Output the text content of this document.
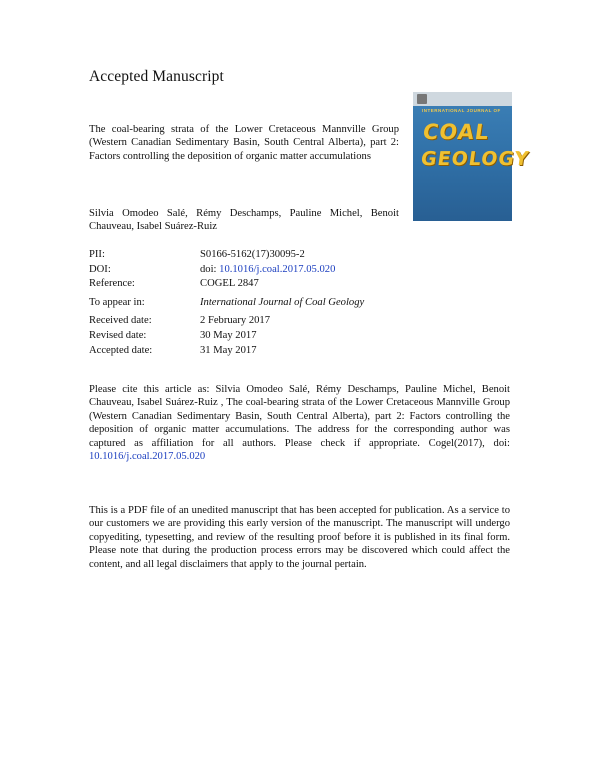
Accepted Manuscript
The coal-bearing strata of the Lower Cretaceous Mannville Group (Western Canadian Sedimentary Basin, South Central Alberta), part 2: Factors controlling the deposition of organic matter accumulations
Silvia Omodeo Salé, Rémy Deschamps, Pauline Michel, Benoit Chauveau, Isabel Suárez-Ruiz
INTERNATIONAL JOURNAL OF
COAL
GEOLOGY
PII:	S0166-5162(17)30095-2
DOI:	doi: 10.1016/j.coal.2017.05.020
Reference:	COGEL 2847
To appear in:	International Journal of Coal Geology
Received date:	2 February 2017
Revised date:	30 May 2017
Accepted date:	31 May 2017
Please cite this article as: Silvia Omodeo Salé, Rémy Deschamps, Pauline Michel, Benoit Chauveau, Isabel Suárez-Ruiz , The coal-bearing strata of the Lower Cretaceous Mannville Group (Western Canadian Sedimentary Basin, South Central Alberta), part 2: Factors controlling the deposition of organic matter accumulations. The address for the corresponding author was captured as affiliation for all authors. Please check if appropriate. Cogel(2017), doi: 10.1016/j.coal.2017.05.020
This is a PDF file of an unedited manuscript that has been accepted for publication. As a service to our customers we are providing this early version of the manuscript. The manuscript will undergo copyediting, typesetting, and review of the resulting proof before it is published in its final form. Please note that during the production process errors may be discovered which could affect the content, and all legal disclaimers that apply to the journal pertain.
